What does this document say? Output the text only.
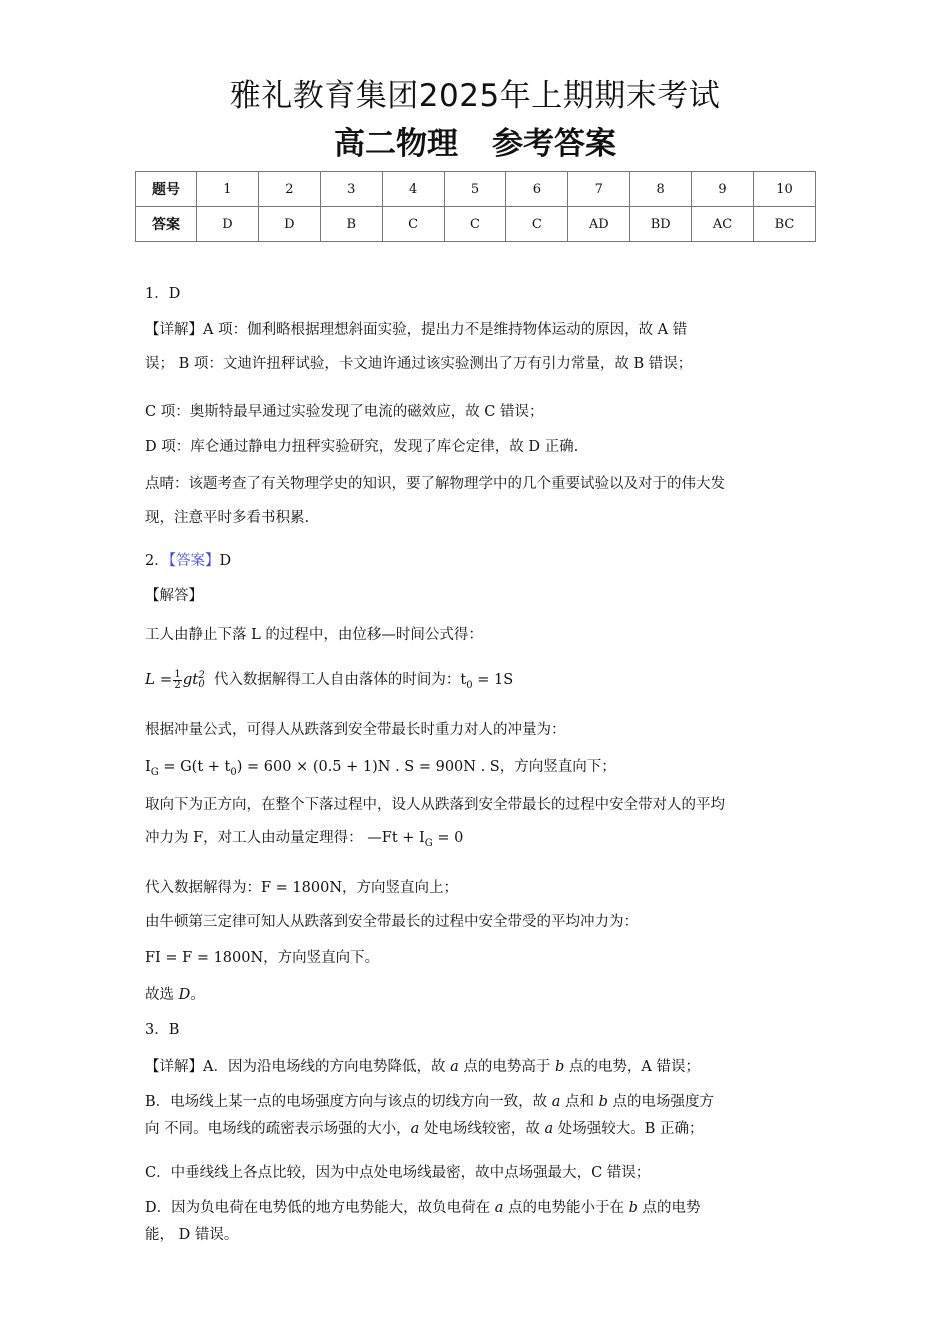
雅礼教育集团2025年上期期末考试
高二物理 参考答案
题号	1	2	3	4	5	6	7	8	9	10
答案	D	D	B	C	C	C	AD	BD	AC	BC
1．D
【详解】A 项：伽利略根据理想斜面实验，提出力不是维持物体运动的原因，故 A 错
误； B 项：文迪许扭秤试验，卡文迪许通过该实验测出了万有引力常量，故 B 错误；
C 项：奥斯特最早通过实验发现了电流的磁效应，故 C 错误；
D 项：库仑通过静电力扭秤实验研究，发现了库仑定律，故 D 正确.
点晴：该题考查了有关物理学史的知识，要了解物理学中的几个重要试验以及对于的伟大发
现，注意平时多看书积累.
2．【答案】D
【解答】
工人由静止下落 L 的过程中，由位移—时间公式得：
$L = \frac{1}{2}$ gt 2
0 代入数据解得工人自由落体的时间为：$t_0 = 1S$
根据冲量公式，可得人从跌落到安全带最长时重力对人的冲量为：
$I_G = G(t + t_0) = 600 \times (0.5 + 1)N$ . S = 900N . S，方向竖直向下；
取向下为正方向，在整个下落过程中，设人从跌落到安全带最长的过程中安全带对人的平均
冲力为 F，对工人由动量定理得： —Ft + $I_G = 0$
代入数据解得为：F = 1800N，方向竖直向上；
由牛顿第三定律可知人从跌落到安全带最长的过程中安全带受的平均冲力为：
FI = F = 1800N，方向竖直向下。
故选 D。
3．B
【详解】A．因为沿电场线的方向电势降低，故 a 点的电势高于 b 点的电势，A 错误；
B．电场线上某一点的电场强度方向与该点的切线方向一致，故 a 点和 b 点的电场强度方
向 不同。电场线的疏密表示场强的大小，a 处电场线较密，故 a 处场强较大。B 正确；
C．中垂线线上各点比较，因为中点处电场线最密，故中点场强最大，C 错误；
D．因为负电荷在电势低的地方电势能大，故负电荷在 a 点的电势能小于在 b 点的电势
能， D 错误。
